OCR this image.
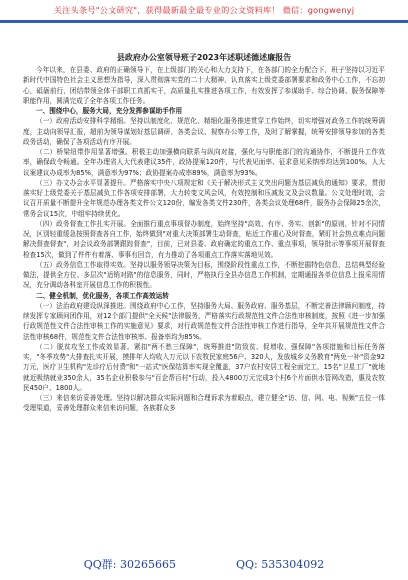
关注头条号"公文研究"，获得最新最全最专业的公文资料库！ 微信：gongwenyj
县政府办公室领导班子2023年述职述德述廉报告

今年以来，在县委、政府的正确领导下，在上级部门的关心和大力支持下，在各部门的全力配合下，班子坚持以习近平新时代中国特色社会主义思想为指导，深入贯彻落实党的二十大精神，认真落实上级党委部署要求和政务中心工作，不忘初心，砥砺前行，团结带领全体干部职工真抓实干，高质量扎实推进各项工作，有效发挥了参谋助手、综合协调、服务保障等职能作用，圆满完成了全年各项工作任务。

一、围绕中心，服务大局，充分发挥参谋助手作用

（一）政府活动安排科学精细。坚持以制度化、规范化、精细化服务推进贯穿工作始终，切实增强对政务工作的统筹调度，主动向领导汇报，超前为领导谋划好基层调研、各类会议、视察办公等工作，及时了解掌握，统筹安排领导参加的各类政务活动，确保了各项活动有序开展。

（二）桥梁纽带作用显著增强。积极主动加强横向联系与纵向对接，强化与与职能部门的沟通协作，不断提升工作效率，确保政令畅通。全年办理省人大代表建议35件，政协提案120件，与代表见面率、征求意见采纳率均达到100%。人大议案建议办成率为85%，满意率为97%；政协提案办成率89%，满意率为93%。

（三）办文办会水平显著提升。严格落实中央八项规定和《关于解决形式主义突出问题为基层减负的通知》要求，贯彻落实好上级党委关于基层减负工作各项安排部署，大力转变文风会风，有效控制和压减发文及会议数量。公文处理时效，会议召开质量不断提升全年规范办理各类文件公文120份，编发各类文件230件，各类会议处理68件，服务办会保障25余次，常务会议15次，中组牢持续优化。

（四）政务督查工作扎实开展。全面推行重点事项督办制度，始终坚持"高效、有序、务实、创新"的原则，针对不同情况，区别轻重缓急按照督查各自工作，始终做到"对重大决策部署生动督查，贴近工作重心及时督查，紧盯社会热点难点问题解决督查督查"，对会议政务部署跟踪督查"，目前，已对县委、政府确定的重点工作、重点事项，领导批示等事项开展督查检查15次，做到了件件有着落、事事有回音，有力推动了各项重点工作落实落地见效。

（五）政务信息工作取得实效。坚持以服务领导决策为目标，围绕阶段性重点工作，不断挖掘特色信息，总结典型经验做法，提供全方位、多层次"适销对路"的信息服务，同时，严格执行全县办信息工作机制，定期通报各单位信息上报采用情况，充分调动各科室开展信息工作的积极性。

二、健全机制，优化服务，各项工作高效运转

（一）法治政府建设纵深推进。围绕政府中心工作，坚持服务大局、服务政府、服务基层，不断完善法律顾问制度，持续发挥专家顾问团作用，对12个部门提供"全天候"法律服务，严格落实行政规范性文件合法性审核制度，按照《进一步加强行政规范性文件合法性审核工作的实施意见》要求，对行政规范性文件合法性审核工作进行指导，全年共开展规范性文件合法性审核68件，规范性文件合法性审核率、报备率均为85%。

（二）脱贫攻坚工作成效显著。紧扣"两不愁三保障"，统筹推进"防致贫、促增收、强保障"各项措施和目标任务落实，"冬季攻势"大排查扎实开展，摸排年人均收入万元以下农牧民家庭56户、320人，发放城乡义务教育"两免一补"资金92万元，医疗卫生机构"先诊疗后付费"和"一站式"医保结算率实现全覆盖，37户农村安居工程全面完工，15名"卫星工厂"就地就近吸纳就业350余人，35名企业积极参与"百企帮百村"行动，投入4800万元完成3个村6个片面供水管网改造，惠及农牧民450户、1800人。

（三）来信来访妥善处理。坚持以解决群众实际问题和合理诉求为着眼点，建立健全"访、信、网、电、视频"五位一体受理渠道，妥善处理群众来信来访问题，各族群众多

QQ群: 30265665	QQ: 535304092
